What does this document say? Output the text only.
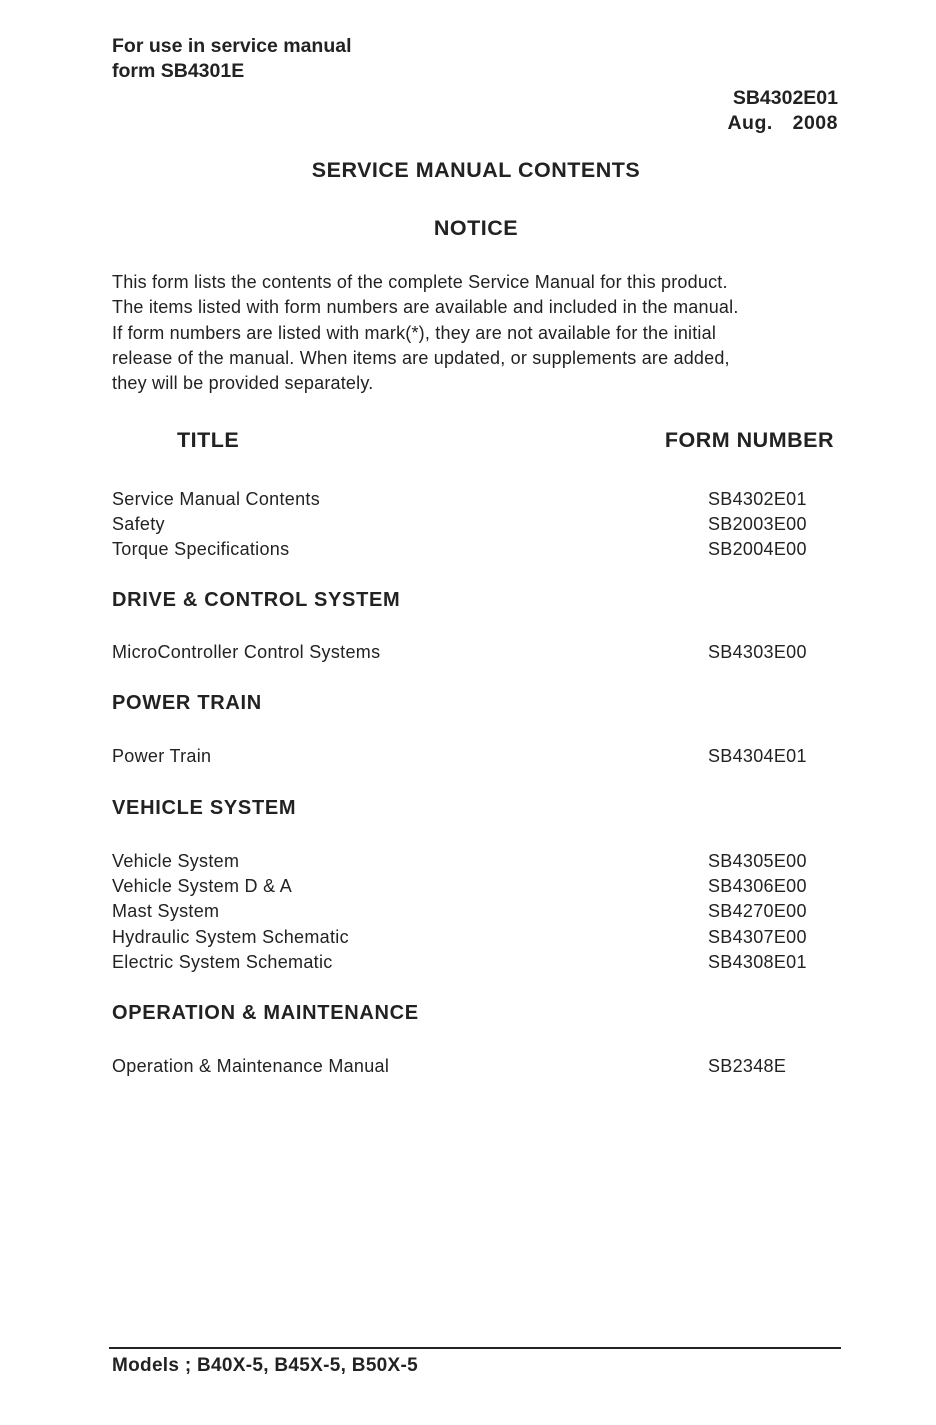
For use in service manual
form SB4301E
SB4302E01
Aug.  2008
SERVICE MANUAL CONTENTS
NOTICE
This form lists the contents of the complete Service Manual for this product.
The items listed with form numbers are available and included in the manual.
If form numbers are listed with mark(*), they are not available for the initial
release of the manual. When items are updated, or supplements are added,
they will be provided separately.
TITLE	FORM NUMBER
Service Manual Contents	SB4302E01
Safety	SB2003E00
Torque Specifications	SB2004E00
DRIVE & CONTROL SYSTEM
MicroController Control Systems	SB4303E00
POWER TRAIN
Power Train	SB4304E01
VEHICLE SYSTEM
Vehicle System	SB4305E00
Vehicle System D & A	SB4306E00
Mast System	SB4270E00
Hydraulic System Schematic	SB4307E00
Electric System Schematic	SB4308E01
OPERATION & MAINTENANCE
Operation & Maintenance Manual	SB2348E
Models ; B40X-5, B45X-5, B50X-5
